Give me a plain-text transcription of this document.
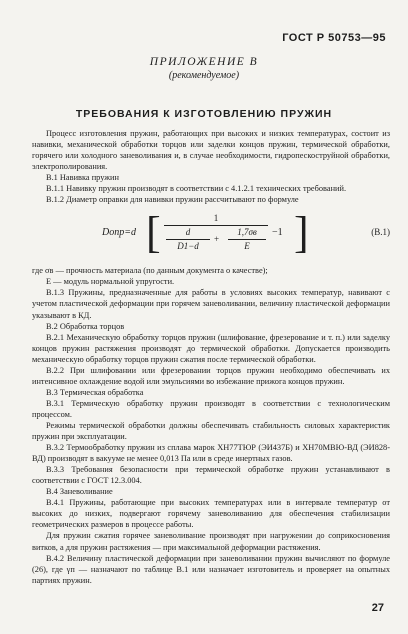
ГОСТ Р 50753—95
ПРИЛОЖЕНИЕ В
(рекомендуемое)
ТРЕБОВАНИЯ К ИЗГОТОВЛЕНИЮ ПРУЖИН
Процесс изготовления пружин, работающих при высоких и низких температурах, состоит из навивки, механической обработки торцов или заделки концов пружин, термической обработки, горячего или холодного заневоливания и, в случае необходимости, гидропескоструйной обработки, электрополирования.
В.1 Навивка пружин
В.1.1 Навивку пружин производят в соответствии с 4.1.2.1 технических требований.
В.1.2 Диаметр оправки для навивки пружин рассчитывают по формуле
Dопр=d [	1
d
D1−d
+
1,7σв
E
−1 ]	(В.1)
где σв — прочность материала (по данным документа о качестве);
E — модуль нормальной упругости.
В.1.3 Пружины, предназначенные для работы в условиях высоких температур, навивают с учетом пластической деформации при горячем заневоливании, величину пластической деформации указывают в КД.
В.2 Обработка торцов
В.2.1 Механическую обработку торцов пружин (шлифование, фрезерование и т. п.) или заделку концов пружин растяжения производят до термической обработки. Допускается производить механическую обработку торцов пружин сжатия после термической обработки.
В.2.2 При шлифовании или фрезеровании торцов пружин необходимо обеспечивать их интенсивное охлаждение водой или эмульсиями во избежание прижога концов пружин.
В.3 Термическая обработка
В.3.1 Термическую обработку пружин производят в соответствии с технологическим процессом.
Режимы термической обработки должны обеспечивать стабильность силовых характеристик пружин при эксплуатации.
В.3.2 Термообработку пружин из сплава марок ХН77ТЮР (ЭИ437Б) и ХН70МВЮ-ВД (ЭИ828-ВД) производят в вакууме не менее 0,013 Па или в среде инертных газов.
В.3.3 Требования безопасности при термической обработке пружин устанавливают в соответствии с ГОСТ 12.3.004.
В.4 Заневоливание
В.4.1 Пружины, работающие при высоких температурах или в интервале температур от высоких до низких, подвергают горячему заневоливанию для обеспечения стабилизации геометрических размеров в процессе работы.
Для пружин сжатия горячее заневоливание производят при нагружении до соприкосновения витков, а для пружин растяжения — при максимальной деформации растяжения.
В.4.2 Величину пластической деформации при заневоливании пружин вычисляют по формуле (26), где γп — назначают по таблице В.1 или назначает изготовитель и проверяет на опытных партиях пружин.
27
